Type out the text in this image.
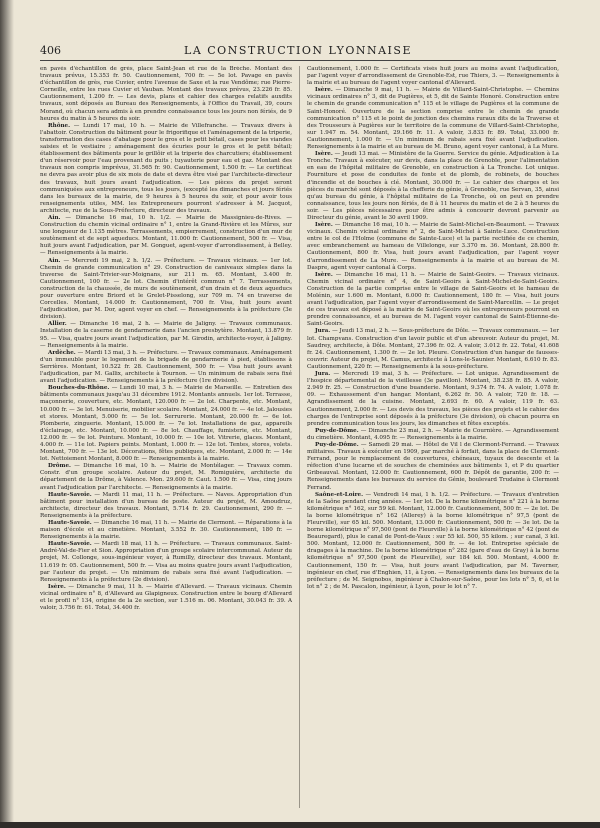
406	LA CONSTRUCTION LYONNAISE

en pavés d'échantillon de grès, place Saint-Jean et rue de la Brèche. Montant des travaux prévus, 15.353 fr. 50. Cautionnement, 700 fr. — 5e lot. Pavage en pavés d'échantillon de grès, rue Cuvier, entre l'avenue de Saxe et la rue Vendôme; rue Pierre-Corneille, entre les rues Cuvier et Vauban. Montant des travaux prévus, 23.226 fr. 85. Cautionnement, 1.200 fr. — Les devis, plans et cahier des charges relatifs auxdits travaux, sont déposés au Bureau des Renseignements, à l'Office du Travail, 39, cours Morand, où chacun sera admis à en prendre connaissance tous les jours non fériés, de 9 heures du matin à 5 heures du soir.

Rhône. — Lundi 17 mai, 10 h. — Mairie de Villefranche. — Travaux divers à l'abattoir. Construction du bâtiment pour le frigorifique et l'aménagement de la triperie, transformation des cases d'abatage pour le gros et le petit bétail, cases pour les viandes saisies et le vestiaire ; aménagement des écuries pour le gros et le petit bétail; établissement des bâtiments pour le grillôir et la triperie des charcutiers; établissement d'un réservoir pour l'eau provenant du puits ; tuyauterie pour eau et gaz. Montant des travaux non compris imprévus, 31.565 fr. 90. Cautionnement, 1.500 fr. — Le certificat ne devra pas avoir plus de six mois de date et devra être visé par l'architecte-directeur des travaux, huit jours avant l'adjudication. — Les pièces du projet seront communiquées aux entrepreneurs, tous les jours, (excepté les dimanches et jours fériés dans les bureaux de la mairie, de 9 heures à 5 heures du soir, et pour avoir tous renseignements utiles, MM. les Entrepreneurs pourront s'adresser à M. Jacquot, architecte, rue de la Sous-Préfecture, directeur des travaux.

Ain. — Dimanche 16 mai, 10 h. 1/2. — Mairie de Massignieu-de-Rives. — Construction du chemin vicinal ordinaire n° 1, entre la Grand-Rivière et les Mûres, sur une longueur de 1.135 mètres. Terrassements, empierrement, construction d'un mur de soutènement et de sept aqueducs. Montant, 11.000 fr. Cautionnement, 500 fr. — Visa, huit jours avant l'adjudication, par M. Gonguet, agent-voyer d'arrondissement, à Belley. — Renseignements à la mairie.

Ain. — Mercredi 19 mai, 2 h. 1/2. — Préfecture. — Travaux vicinaux. — 1er lot. Chemin de grande communication n° 29. Construction de caniveaux simples dans la traverse de Saint-Trivier-sur-Moignans, sur 211 m. 65. Montant, 3.400 fr. Cautionnement, 100 fr. — 2e lot. Chemin d'intérêt commun n° 7. Terrassements, construction de la chaussée, de murs de soutènement, d'un drain et de deux aqueducs pour ouverture entre Briord et le Grelet-Pisselong, sur 709 m. 74 en traverse de Corcelles. Montant, 14.000 fr. Cautionnement, 700 fr. Visa, huit jours avant l'adjudication, par M. Dor, agent voyer en chef. — Renseignements à la préfecture (3e division).

Allier. — Dimanche 16 mai, 2 h. — Mairie de Jaligny. — Travaux communaux. Installation de la caserne de gendarmerie dans l'ancien presbytère. Montant, 13.879 fr. 95. — Visa, quatre jours avant l'adjudication, par M. Girodin, architecte-voyer, à Jaligny. — Renseignements à la mairie.

Ardèche. — Mardi 13 mai, 3 h. — Préfecture. — Travaux communaux. Aménagement d'un immeuble pour le logement de la brigade de gendarmerie à pied, établissons à Serrières. Montant, 10.522 fr. 28. Cautionnement, 500 fr. — Visa huit jours avant l'adjudication, par M. Gallix, architecte à Tournon. — Un minimum de rabais sera fixé avant l'adjudication. — Renseignements à la préfecture (1re division).

Bouches-du-Rhône. — Lundi 10 mai, 3 h. — Mairie de Marseille. — Entretien des bâtiments communaux jusqu'au 31 décembre 1912. Montants annuels. 1er lot. Terrasse, maçonnerie, couverture, etc. Montant, 120.000 fr. — 2e lot. Charpente, etc. Montant, 10.000 fr. — 3e lot. Menuiserie, mobilier scolaire. Montant, 24.000 fr. — 4e lot. Jalousies et stores. Montant, 5.000 fr. — 5e lot. Serrurerie. Montant, 20.000 fr. — 6e lot. Plomberie, zinguerie. Montant, 15.000 fr. — 7e lot. Installations de gaz, appareils d'éclairage, etc. Montant, 10.000 fr. — 8e lot. Chauffage, fumisterie, etc. Montant, 12.000 fr. — 9e lot. Peinture. Montant, 10.000 fr. — 10e lot. Vitrerie, glaces. Montant, 4.000 fr. — 11e lot. Papiers peints. Montant, 1.000 fr. — 12e lot. Tentes, stores, volets. Montant, 700 fr. — 13e lot. Décorations, fêtes publiques, etc. Montant, 2.000 fr. — 14e lot. Nettoiement Montant, 8.000 fr. — Renseignements à la mairie.

Drôme. — Dimanche 16 mai, 10 h. — Mairie de Montélager. — Travaux comm. Constr. d'un groupe scolaire. Auteur du projet, M. Romiguière, architecte du département de la Drôme, à Valence. Mon. 29.600 fr. Caut. 1.500 fr. — Visa, cinq jours avant l'adjudication par l'architecte. — Renseignements à la mairie.

Haute-Savoie. — Mardi 11 mai, 11 h. — Préfecture. — Naves. Appropriation d'un bâtiment pour installation d'un bureau de poste. Auteur du projet, M. Amoudruz, architecte, directeur des travaux. Montant, 5.714 fr. 29. Cautionnement, 290 fr. — Renseignements à la préfecture.

Haute-Savoie. — Dimanche 16 mai, 11 h. — Mairie de Clermont. — Réparations à la maison d'école et au cimetière. Montant, 3.552 fr. 30. Cautionnement, 180 fr. — Renseignements à la mairie.

Haute-Savoie. — Mardi 18 mai, 11 h. — Préfecture. — Travaux communaux. Saint-André-Val-de-Fier et Sion. Appropriation d'un groupe scolaire intercommunal. Auteur du projet, M. Collonge, sous-ingénieur voyer, à Rumilly, directeur des travaux. Montant, 11.619 fr. 05. Cautionnement, 500 fr. — Visa au moins quatre jours avant l'adjudication, par l'auteur du projet. — Un minimum de rabais sera fixé avant l'adjudication. — Renseignements à la préfecture (2e division).

Isère. — Dimanche 9 mai, 11 h. — Mairie d'Allevard. — Travaux vicinaux. Chemin vicinal ordinaire n° 8, d'Allevard au Glapigneux. Construction entre le bourg d'Allevard et le profil n° 134, origine de la 2e section, sur 1.516 m. 06. Montant, 30.043 fr. 39. A valoir, 3.756 fr. 61. Total, 34.400 fr.

Cautionnement, 1.000 fr. — Certificats visés huit jours au moins avant l'adjudication, par l'agent voyer d'arrondissement de Grenoble-Est, rue Thiers, 3. — Renseignements à la mairie et au bureau de l'agent voyer cantonal d'Allevard.

Isère. — Dimanche 9 mai, 11 h. — Mairie de Villard-Saint-Christophe. — Chemins vicinaux ordinaires n° 3, dit de Pugières, et 5, dit de Sainte Honoré. Construction entre le chemin de grande communication n° 115 et le village de Pugières et la commune de Saint-Honoré. Ouverture de la section comprise entre le chemin de grande communication n° 115 et le point de jonction des chemins ruraux dits de la Traverse et des Trousseurs à Pugières sur le territoire de la commune de Villard-Saint-Christophe, sur 1.947 m. 54. Montant, 29.166 fr. 11. A valoir, 3.833 fr. 89. Total, 33.000 fr. Cautionnement, 1.000 fr. — Un minimum de rabais sera fixé avant l'adjudication. Renseignements à la mairie et au bureau de M. Bruno, agent voyer cantonal, à La Mure.

Isère. — Jeudi 13 mai. — Ministère de la Guerre. Service du génie. Adjudication à La Tronche. Travaux à exécuter, sur devis, dans la place de Grenoble, pour l'alimentation en eau de l'hôpital militaire de Grenoble, en construction à La Tronche. Lot unique. Fourniture et pose de conduites de fonte et de plomb, de robinets, de bouches d'incendie et de bouches à clé. Montant, 30.000 fr. — Le cahier des charges et les pièces du marché sont déposés à la chefferie du génie, à Grenoble, rue Servan, 35, ainsi qu'au bureau du génie, à l'hôpital militaire de La Tronche, où on peut en prendre connaissance, tous les jours non fériés, de 8 à 11 heures du matin et de 2 à 5 heures du soir. — Les pièces nécessaires pour être admis à concourir devront parvenir au Directeur du génie, avant le 30 avril 1909.

Isère. — Dimanche 16 mai, 10 h. — Mairie de Saint-Michel-en-Beaumont. — Travaux vicinaux. Chemin vicinal ordinaire n° 2, de Saint-Michel à Sainte-Luce. Construction entre le col de l'Holme (commune de Sainte-Luce) et la partie rectifiée de ce chemin, avec embranchement au hameau de Villelonge, sur 3.370 m. 36. Montant, 28.800 fr. Cautionnement, 800 fr. Visa, huit jours avant l'adjudication, par l'agent voyer d'arrondissement de La Mure. — Renseignements à la mairie et au bureau de M. Daspre, agent voyer cantonal à Corps.

Isère. — Dimanche 16 mai, 11 h. — Mairie de Saint-Geoirs. — Travaux vicinaux. Chemin vicinal ordinaire n° 4, de Saint-Geoirs à Saint-Michel-de-Saint-Geoirs. Construction de la partie comprise entre le village de Saint-Geoirs et le hameau de Molénin, sur 1.600 m. Montant, 6.000 fr. Cautionnement, 180 fr. — Visa, huit jours avant l'adjudication, par l'agent voyer d'arrondissement de Saint-Marcellin. — Le projet de ces travaux est déposé à la mairie de Saint-Geoirs où les entrepreneurs pourront en prendre connaissance, et au bureau de M. l'agent voyer cantonal de Saint-Étienne-de-Saint-Geoirs.

Jura. — Jeudi 13 mai, 2 h. — Sous-préfecture de Dôle. — Travaux communaux. — 1er lot. Champvans. Construction d'un lavoir public et d'un abreuvoir. Auteur du projet, M. Saudrey, architecte, à Dôle. Montant, 27.396 fr. 02. A valoir, 3.012 fr. 22. Total, 41.608 fr. 24. Cautionnement, 1.300 fr. — 2e lot. Pleure. Construction d'un hangar de fausses-couvrir. Auteur du projet, M. Camus, architecte à Lons-le-Saunier. Montant, 6.610 fr. 83. Cautionnement, 220 fr. — Renseignements à la sous-préfecture.

Jura. — Mercredi 19 mai, 3 h. — Préfecture. — Lot unique. Agrandissement de l'hospice départemental de la vieillesse (3e pavillon). Montant, 38.238 fr. 85. A valoir, 2.949 fr. 25. — Construction d'une buanderie. Montant, 9.374 fr. 74. A valoir, 1.078 fr. 09. — Exhaussement d'un hangar. Montant, 6.262 fr. 50. A valoir, 720 fr. 18. — Agrandissement de la cuisine. Montant, 2.693 fr. 60. A valoir, 119 fr. 63. Cautionnement, 2.000 fr. — Les devis des travaux, les pièces des projets et le cahier des charges de l'entreprise sont déposés à la préfecture (3e division), où chacun pourra en prendre communication tous les jours, les dimanches et fêtes exceptés.

Puy-de-Dôme. — Dimanche 23 mai, 2 h. — Mairie de Cournière. — Agrandissement du cimetière. Montant, 4.095 fr. — Renseignements à la mairie.

Puy-de-Dôme. — Samedi 29 mai. — Hôtel de Vil l de Clermont-Ferrand. — Travaux militaires. Travaux à exécuter en 1909, par marché à forfait, dans la place de Clermont-Ferrand, pour le remplacement de couvertures, chéneaux, tuyaux de descente et la réfection d'une lucarne et de souches de cheminées aux bâtiments 1, et P du quartier Gribeauval. Montant, 12.000 fr. Cautionnement, 600 fr. Dépôt de garantie, 200 fr. — Renseignements dans les bureaux du service du Génie, boulevard Trudaine à Clermont Ferrand.

Saône-et-Loire. — Vendredi 14 mai, 1 h. 1/2. — Préfecture. — Travaux d'entretien de la Saône pendant cinq années. — 1er lot. De la borne kilométrique n° 221 à la borne kilométrique n° 162, sur 59 kil. Montant, 12.000 fr. Cautionnement, 500 fr. — 2e lot. De la borne kilométrique n° 162 (Allerey) à la borne kilométrique n° 97,5 (pont de Fleurville), sur 65 kil. 500. Montant, 13.000 fr. Cautionnement, 500 fr. — 3e lot. De la borne kilométrique n° 97,500 (pont de Fleurville) à la borne kilométrique n° 42 (pont de Beauregard), plus le canal de Pont-de-Vaux : sur 55 kil. 500, 55 kilom. ; sur canal, 3 kil. 500. Montant, 12.000 fr. Cautionnement, 500 fr. — 4e lot. Entreprise spéciale de dragages à la machine. De la borne kilométrique n° 282 (gare d'eau de Gray) à la borne kilométrique n° 97,500 (pont de Fleurville), sur 184 kil. 500. Montant, 4.000 fr. Cautionnement, 150 fr. — Visa, huit jours avant l'adjudication, par M. Taverner, ingénieur en chef, rue d'Enghien, 11, à Lyon. — Renseignements dans les bureaux de la préfecture ; de M. Seignobos, ingénieur à Chalon-sur-Saône, pour les lots n° 5, 6, et le lot n° 2 ; de M. Pascalon, ingénieur, à Lyon, pour le lot n° 7.
